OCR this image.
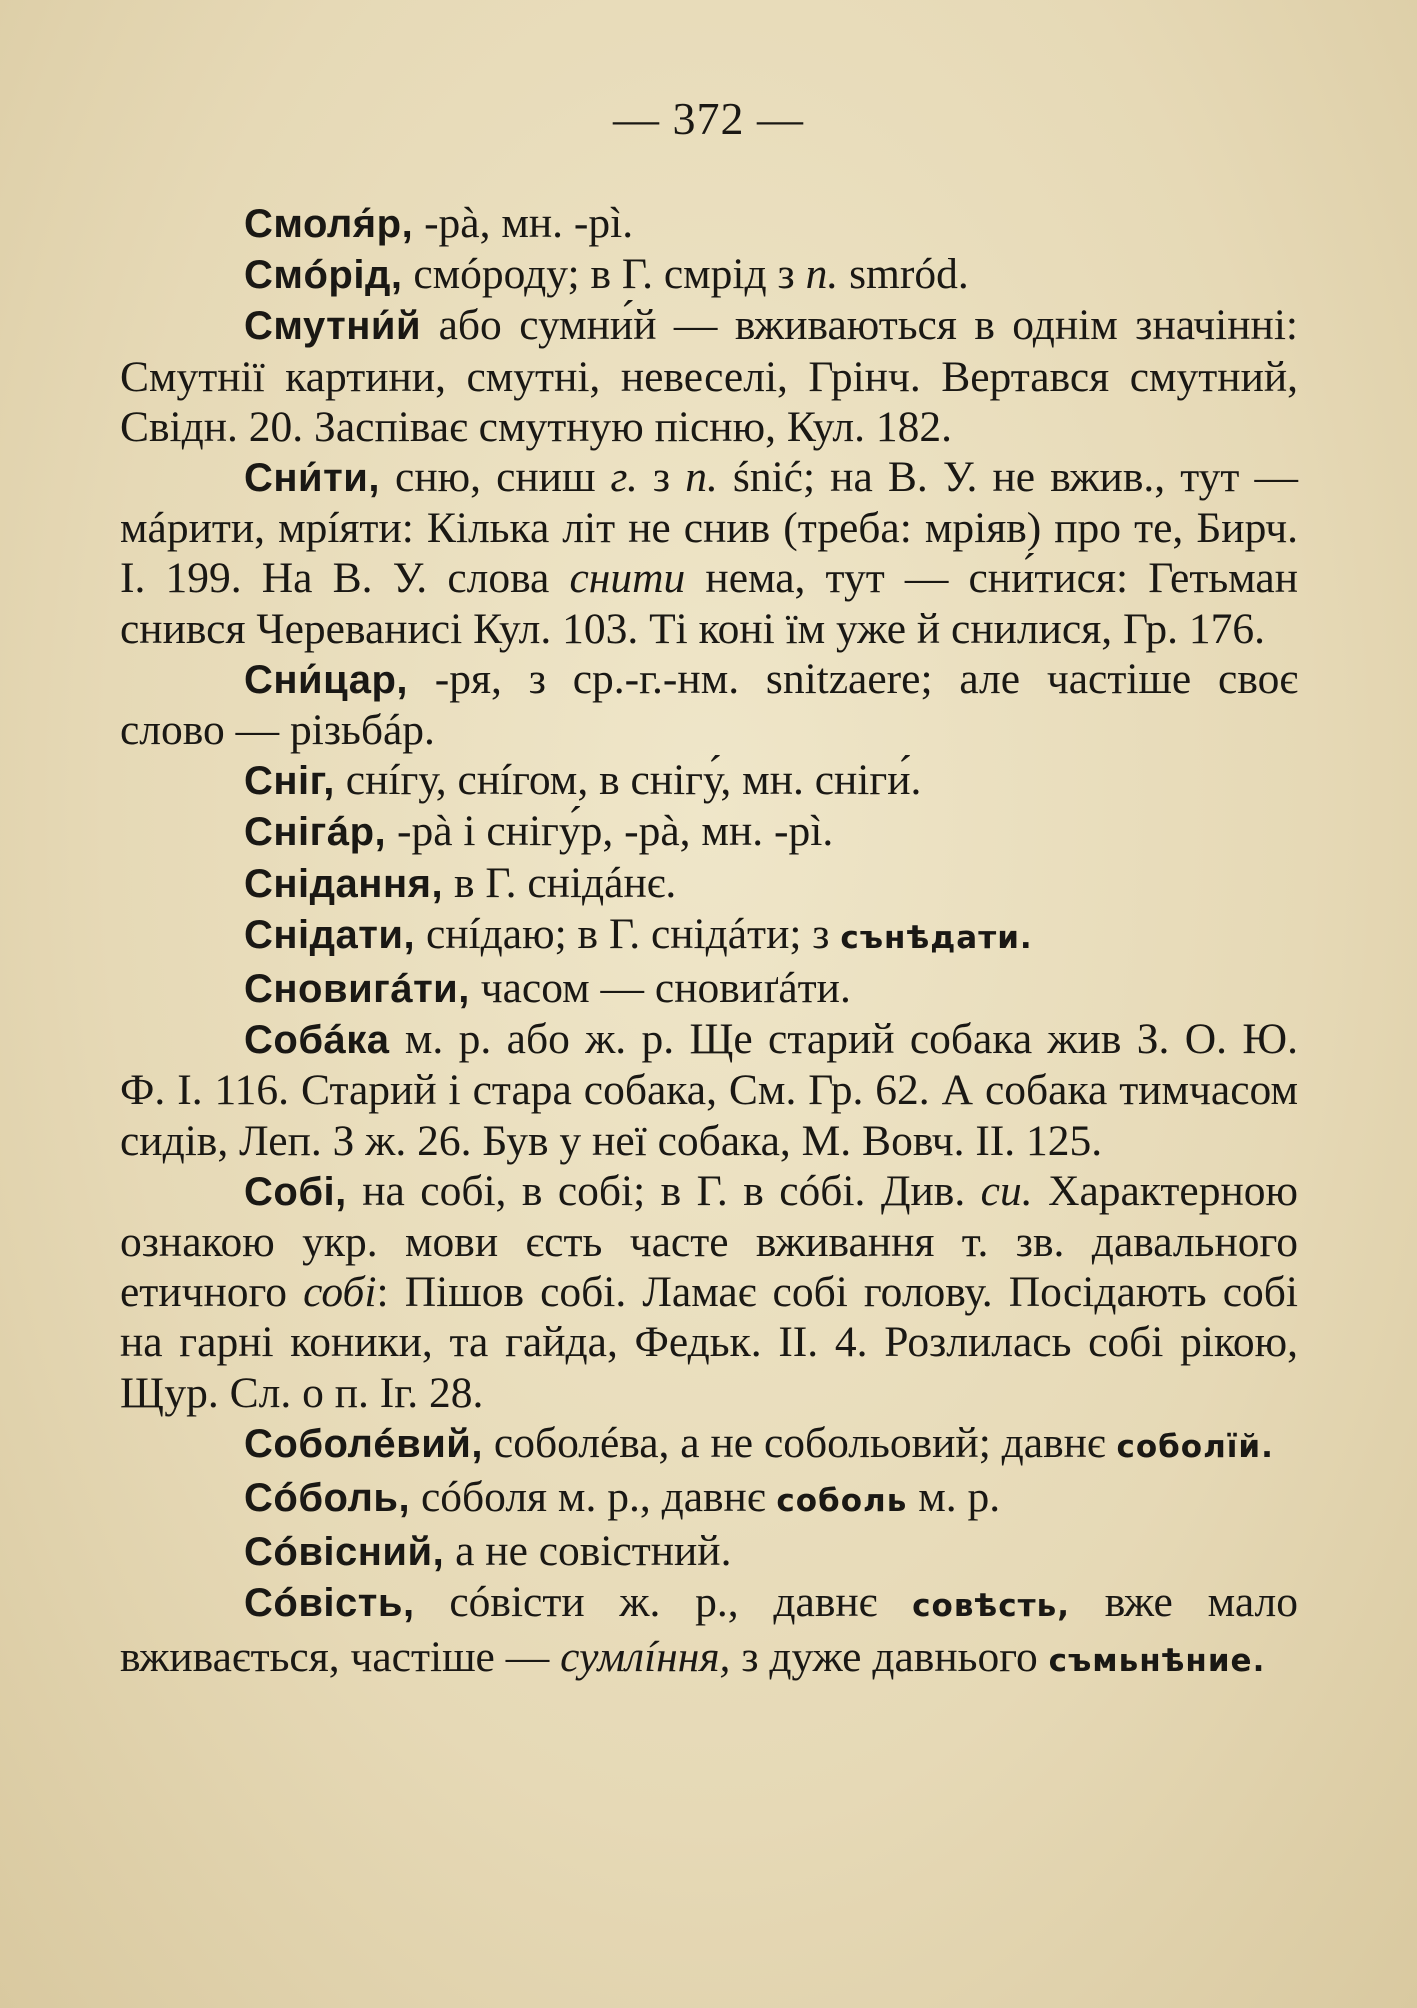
— 372 —

Смоля́р, -рà, мн. -рì.

Смóрід, смóроду; в Г. смрід з п. smród.

Смутни́й або сумни́й — вживаються в однім значінні: Смутнії картини, смутні, невеселі, Грінч. Вертався смутний, Свідн. 20. Заспіває смутную пісню, Кул. 182.

Сни́ти, сню, сниш г. з п. śnić; на В. У. не вжив., тут — мáрити, мрíяти: Кілька літ не снив (треба: мріяв) про те, Бирч. I. 199. На В. У. слова снити нема, тут — сни́тися: Гетьман снився Череванисі Кул. 103. Ті коні їм уже й снилися, Гр. 176.

Сни́цар, -ря, з ср.-г.-нм. snitzaere; але частіше своє слово — різьбáр.

Сніг, снíгу, снíгом, в снігу́, мн. сніги́.

Снігáр, -рà і снігу́р, -рà, мн. -рì.

Снідання, в Г. снідáнє.

Снідати, снíдаю; в Г. снідáти; з сънѣдати.

Сновигáти, часом — сновиґáти.

Собáка м. р. або ж. р. Ще старий собака жив З. О. Ю. Ф. I. 116. Старий і стара собака, См. Гр. 62. А собака тимчасом сидів, Леп. З ж. 26. Був у неї собака, М. Вовч. II. 125.

Собі, на собі, в собі; в Г. в сóбі. Див. си. Характерною ознакою укр. мови єсть часте вживання т. зв. давального етичного собі: Пішов собі. Ламає собі голову. Посідають собі на гарні коники, та гайда, Федьк. II. 4. Розлилась собі рікою, Щур. Сл. о п. Іг. 28.

Соболéвий, соболéва, а не собольовий; давнє соболїй.

Сóболь, сóболя м. р., давнє соболь м. р.

Сóвісний, а не совістний.

Сóвість, сóвісти ж. р., давнє совѣсть, вже мало вживається, частіше — сумлíння, з дуже давнього съмьнѣние.
